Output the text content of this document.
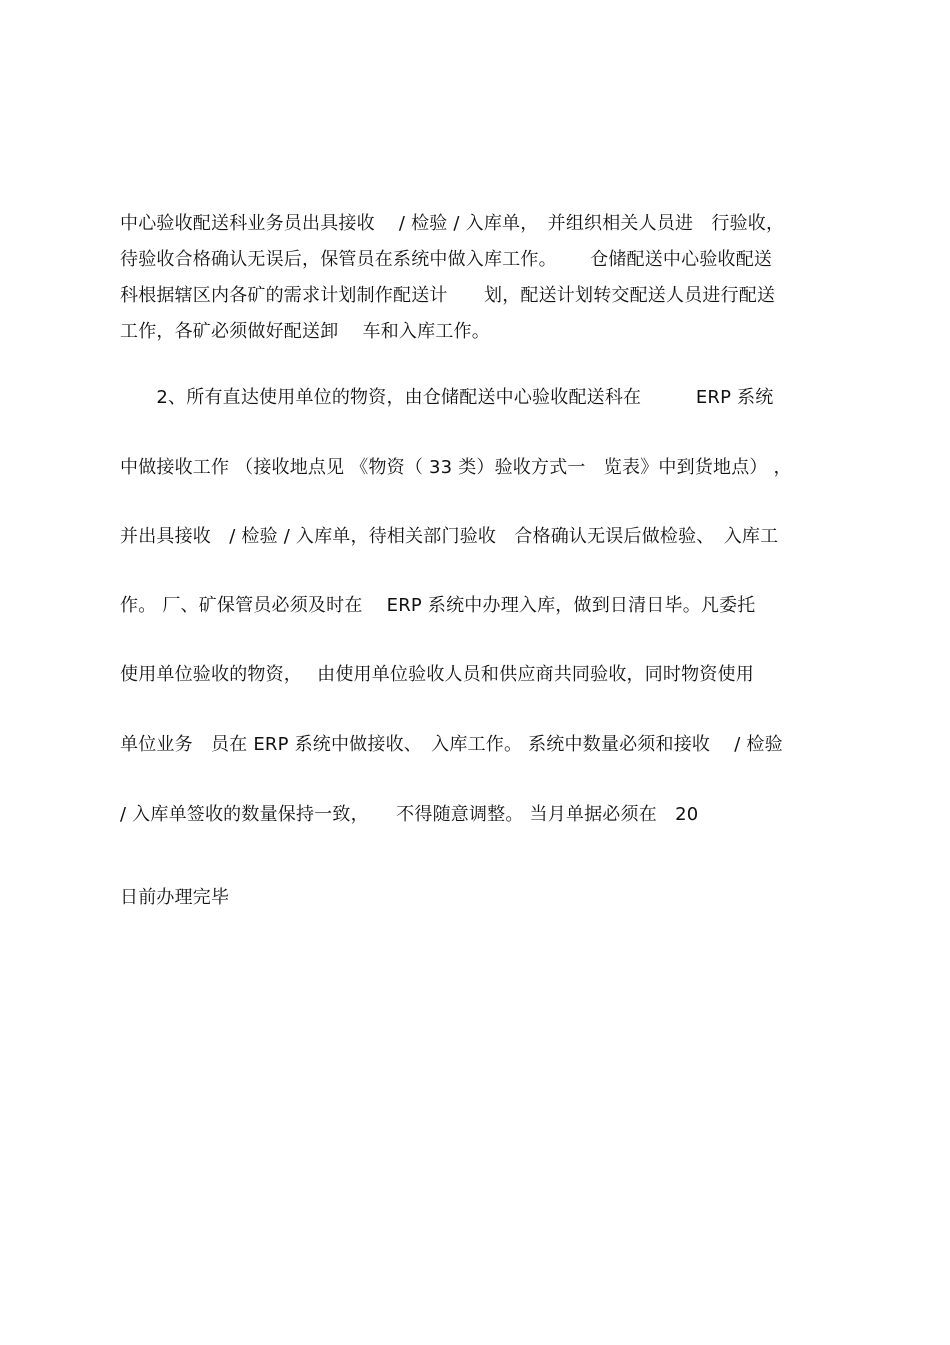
中心验收配送科业务员出具接收　 / 检验 / 入库单，　并组织相关人员进　行验收，
待验收合格确认无误后，保管员在系统中做入库工作。　　 仓储配送中心验收配送
科根据辖区内各矿的需求计划制作配送计　　划，配送计划转交配送人员进行配送
工作，各矿必须做好配送卸　 车和入库工作。
　　2、所有直达使用单位的物资，由仓储配送中心验收配送科在　　　ERP 系统
中做接收工作 （接收地点见 《物资（ 33 类）验收方式一　览表》中到货地点） ，
并出具接收　/ 检验 / 入库单，待相关部门验收　合格确认无误后做检验、　入库工
作。 厂、矿保管员必须及时在　 ERP 系统中办理入库，做到日清日毕。凡委托
使用单位验收的物资，　 由使用单位验收人员和供应商共同验收，同时物资使用
单位业务　员在 ERP 系统中做接收、　入库工作。 系统中数量必须和接收　 / 检验
/ 入库单签收的数量保持一致，　　不得随意调整。 当月单据必须在　20
日前办理完毕
